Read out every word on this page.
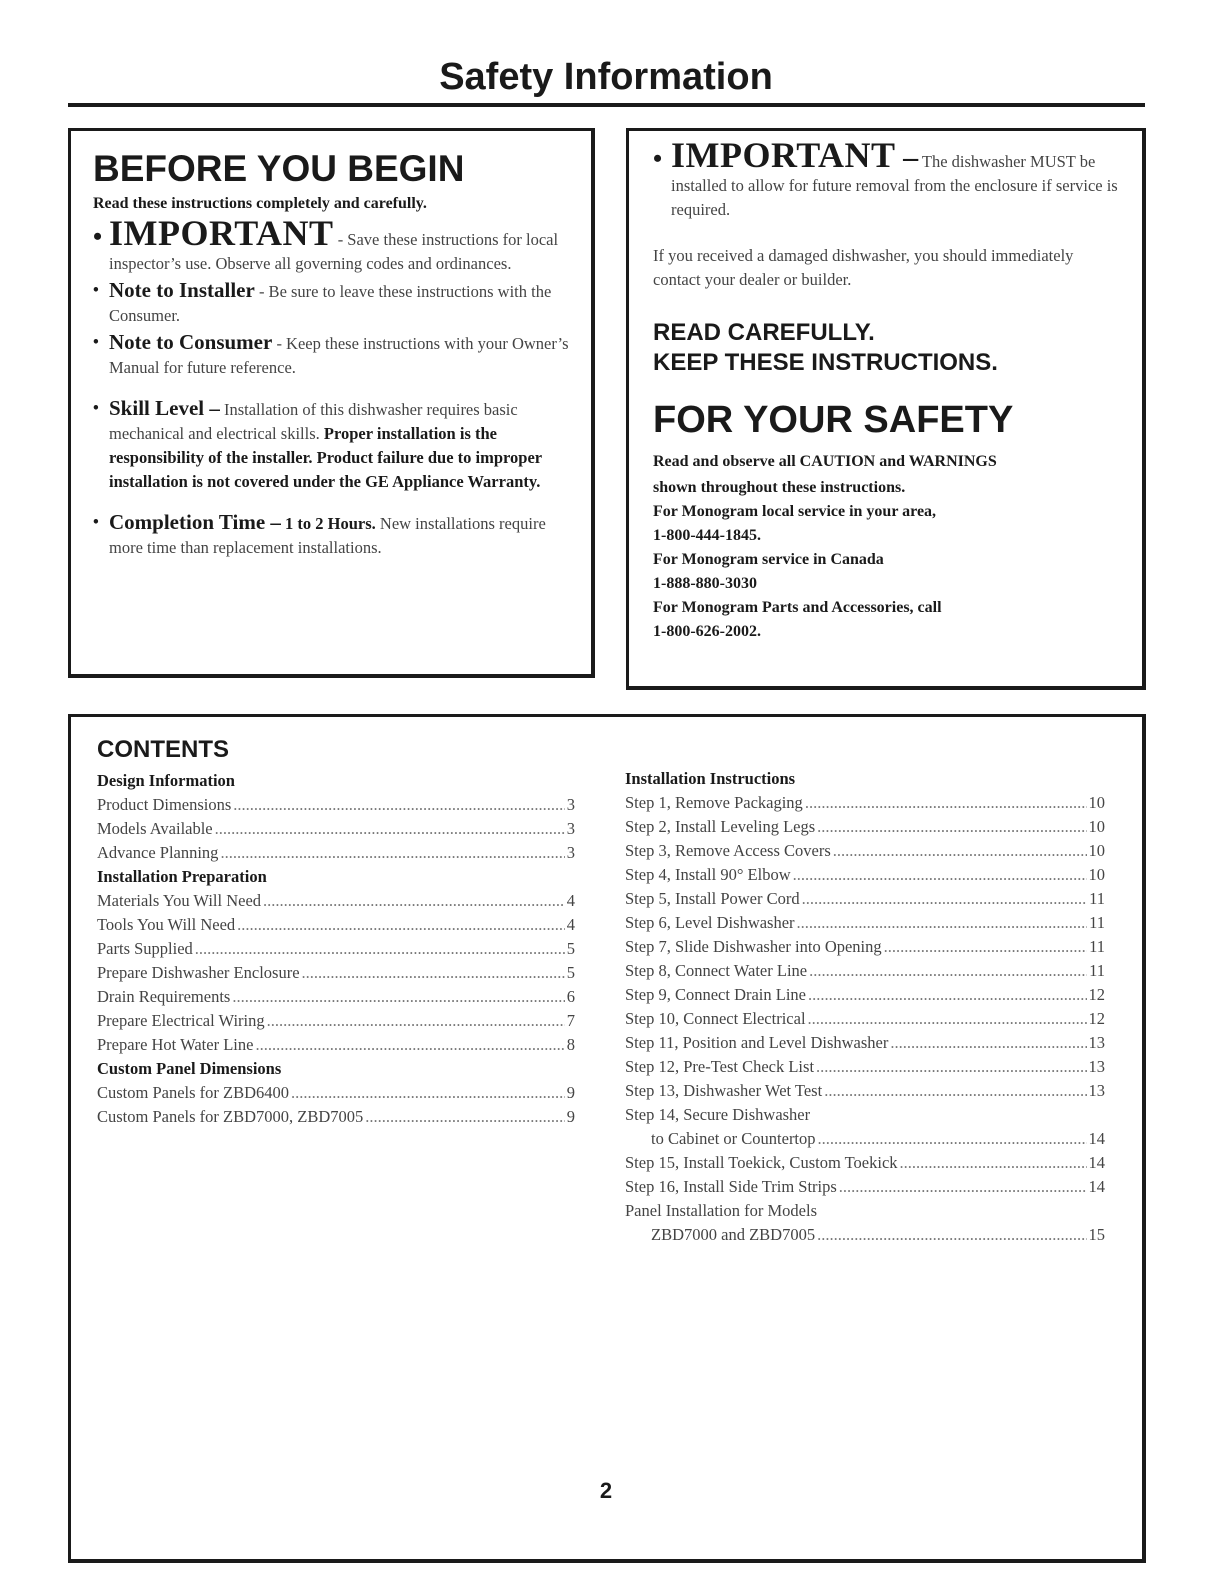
Safety Information
BEFORE YOU BEGIN

Read these instructions completely and carefully.

• IMPORTANT - Save these instructions for local inspector’s use. Observe all governing codes and ordinances.

• Note to Installer - Be sure to leave these instructions with the Consumer.

• Note to Consumer - Keep these instructions with your Owner’s Manual for future reference.

• Skill Level – Installation of this dishwasher requires basic mechanical and electrical skills. Proper installation is the responsibility of the installer. Product failure due to improper installation is not covered under the GE Appliance Warranty.

• Completion Time – 1 to 2 Hours. New installations require more time than replacement installations.

• IMPORTANT – The dishwasher MUST be installed to allow for future removal from the enclosure if service is required.

If you received a damaged dishwasher, you should immediately contact your dealer or builder.

READ CAREFULLY.

KEEP THESE INSTRUCTIONS.

FOR YOUR SAFETY

Read and observe all CAUTION and WARNINGS

shown throughout these instructions.

For Monogram local service in your area,

1-800-444-1845.

For Monogram service in Canada

1-888-880-3030

For Monogram Parts and Accessories, call

1-800-626-2002.

CONTENTS
Design Information
Product Dimensions .....	3
Models Available .....	3
Advance Planning .....	3
Installation Preparation
Materials You Will Need .....	4
Tools You Will Need .....	4
Parts Supplied .....	5
Prepare Dishwasher Enclosure .....	5
Drain Requirements .....	6
Prepare Electrical Wiring .....	7
Prepare Hot Water Line .....	8
Custom Panel Dimensions
Custom Panels for ZBD6400 .....	9
Custom Panels for ZBD7000, ZBD7005 .....	9
Installation Instructions
Step 1, Remove Packaging .....	10
Step 2, Install Leveling Legs .....	10
Step 3, Remove Access Covers .....	10
Step 4, Install 90° Elbow .....	10
Step 5, Install Power Cord .....	11
Step 6, Level Dishwasher .....	11
Step 7, Slide Dishwasher into Opening .....	11
Step 8, Connect Water Line .....	11
Step 9, Connect Drain Line .....	12
Step 10, Connect Electrical .....	12
Step 11, Position and Level Dishwasher .....	13
Step 12, Pre-Test Check List .....	13
Step 13, Dishwasher Wet Test .....	13
Step 14, Secure Dishwasher
to Cabinet or Countertop .....	14
Step 15, Install Toekick, Custom Toekick .....	14
Step 16, Install Side Trim Strips .....	14
Panel Installation for Models
ZBD7000 and ZBD7005 .....	15
2
